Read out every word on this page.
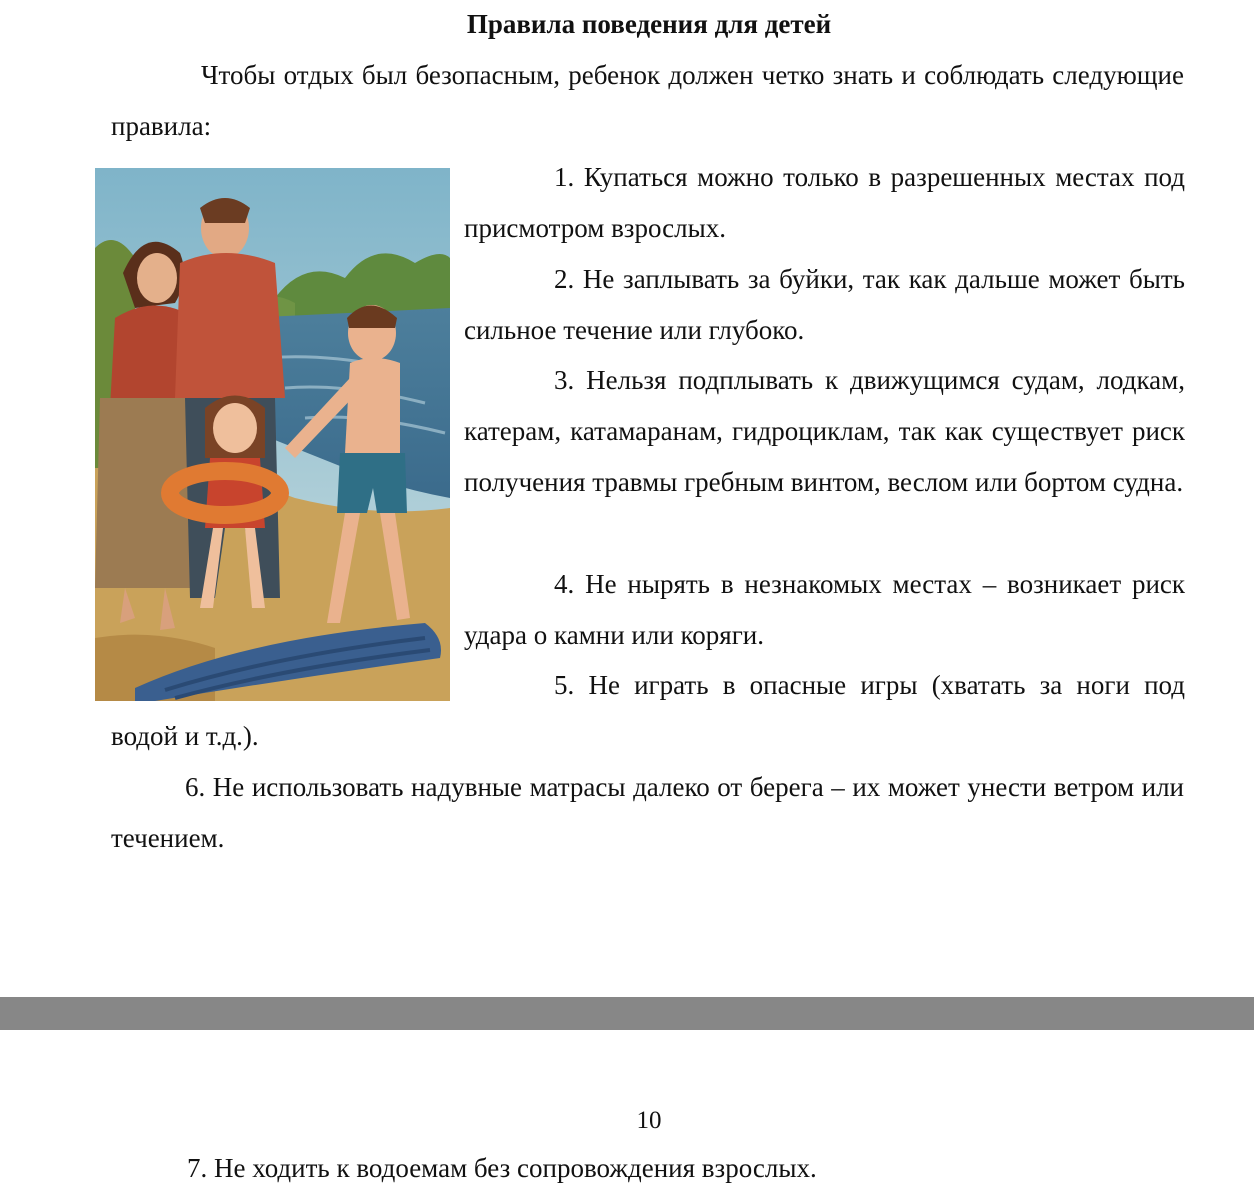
Правила поведения для детей

Чтобы отдых был безопасным, ребенок должен четко знать и соблюдать следующие правила:

1. Купаться можно только в разрешенных местах под присмотром взрослых.

2. Не заплывать за буйки, так как дальше может быть сильное течение или глубоко.

3. Нельзя подплывать к движущимся судам, лодкам, катерам, катамаранам, гидроциклам, так как существует риск получения травмы гребным винтом, веслом или бортом судна.

4. Не нырять в незнакомых местах – возникает риск удара о камни или коряги.

5. Не играть в опасные игры (хватать за ноги под

водой и т.д.).

6. Не использовать надувные матрасы далеко от берега – их может унести ветром или течением.

10

7. Не ходить к водоемам без сопровождения взрослых.
